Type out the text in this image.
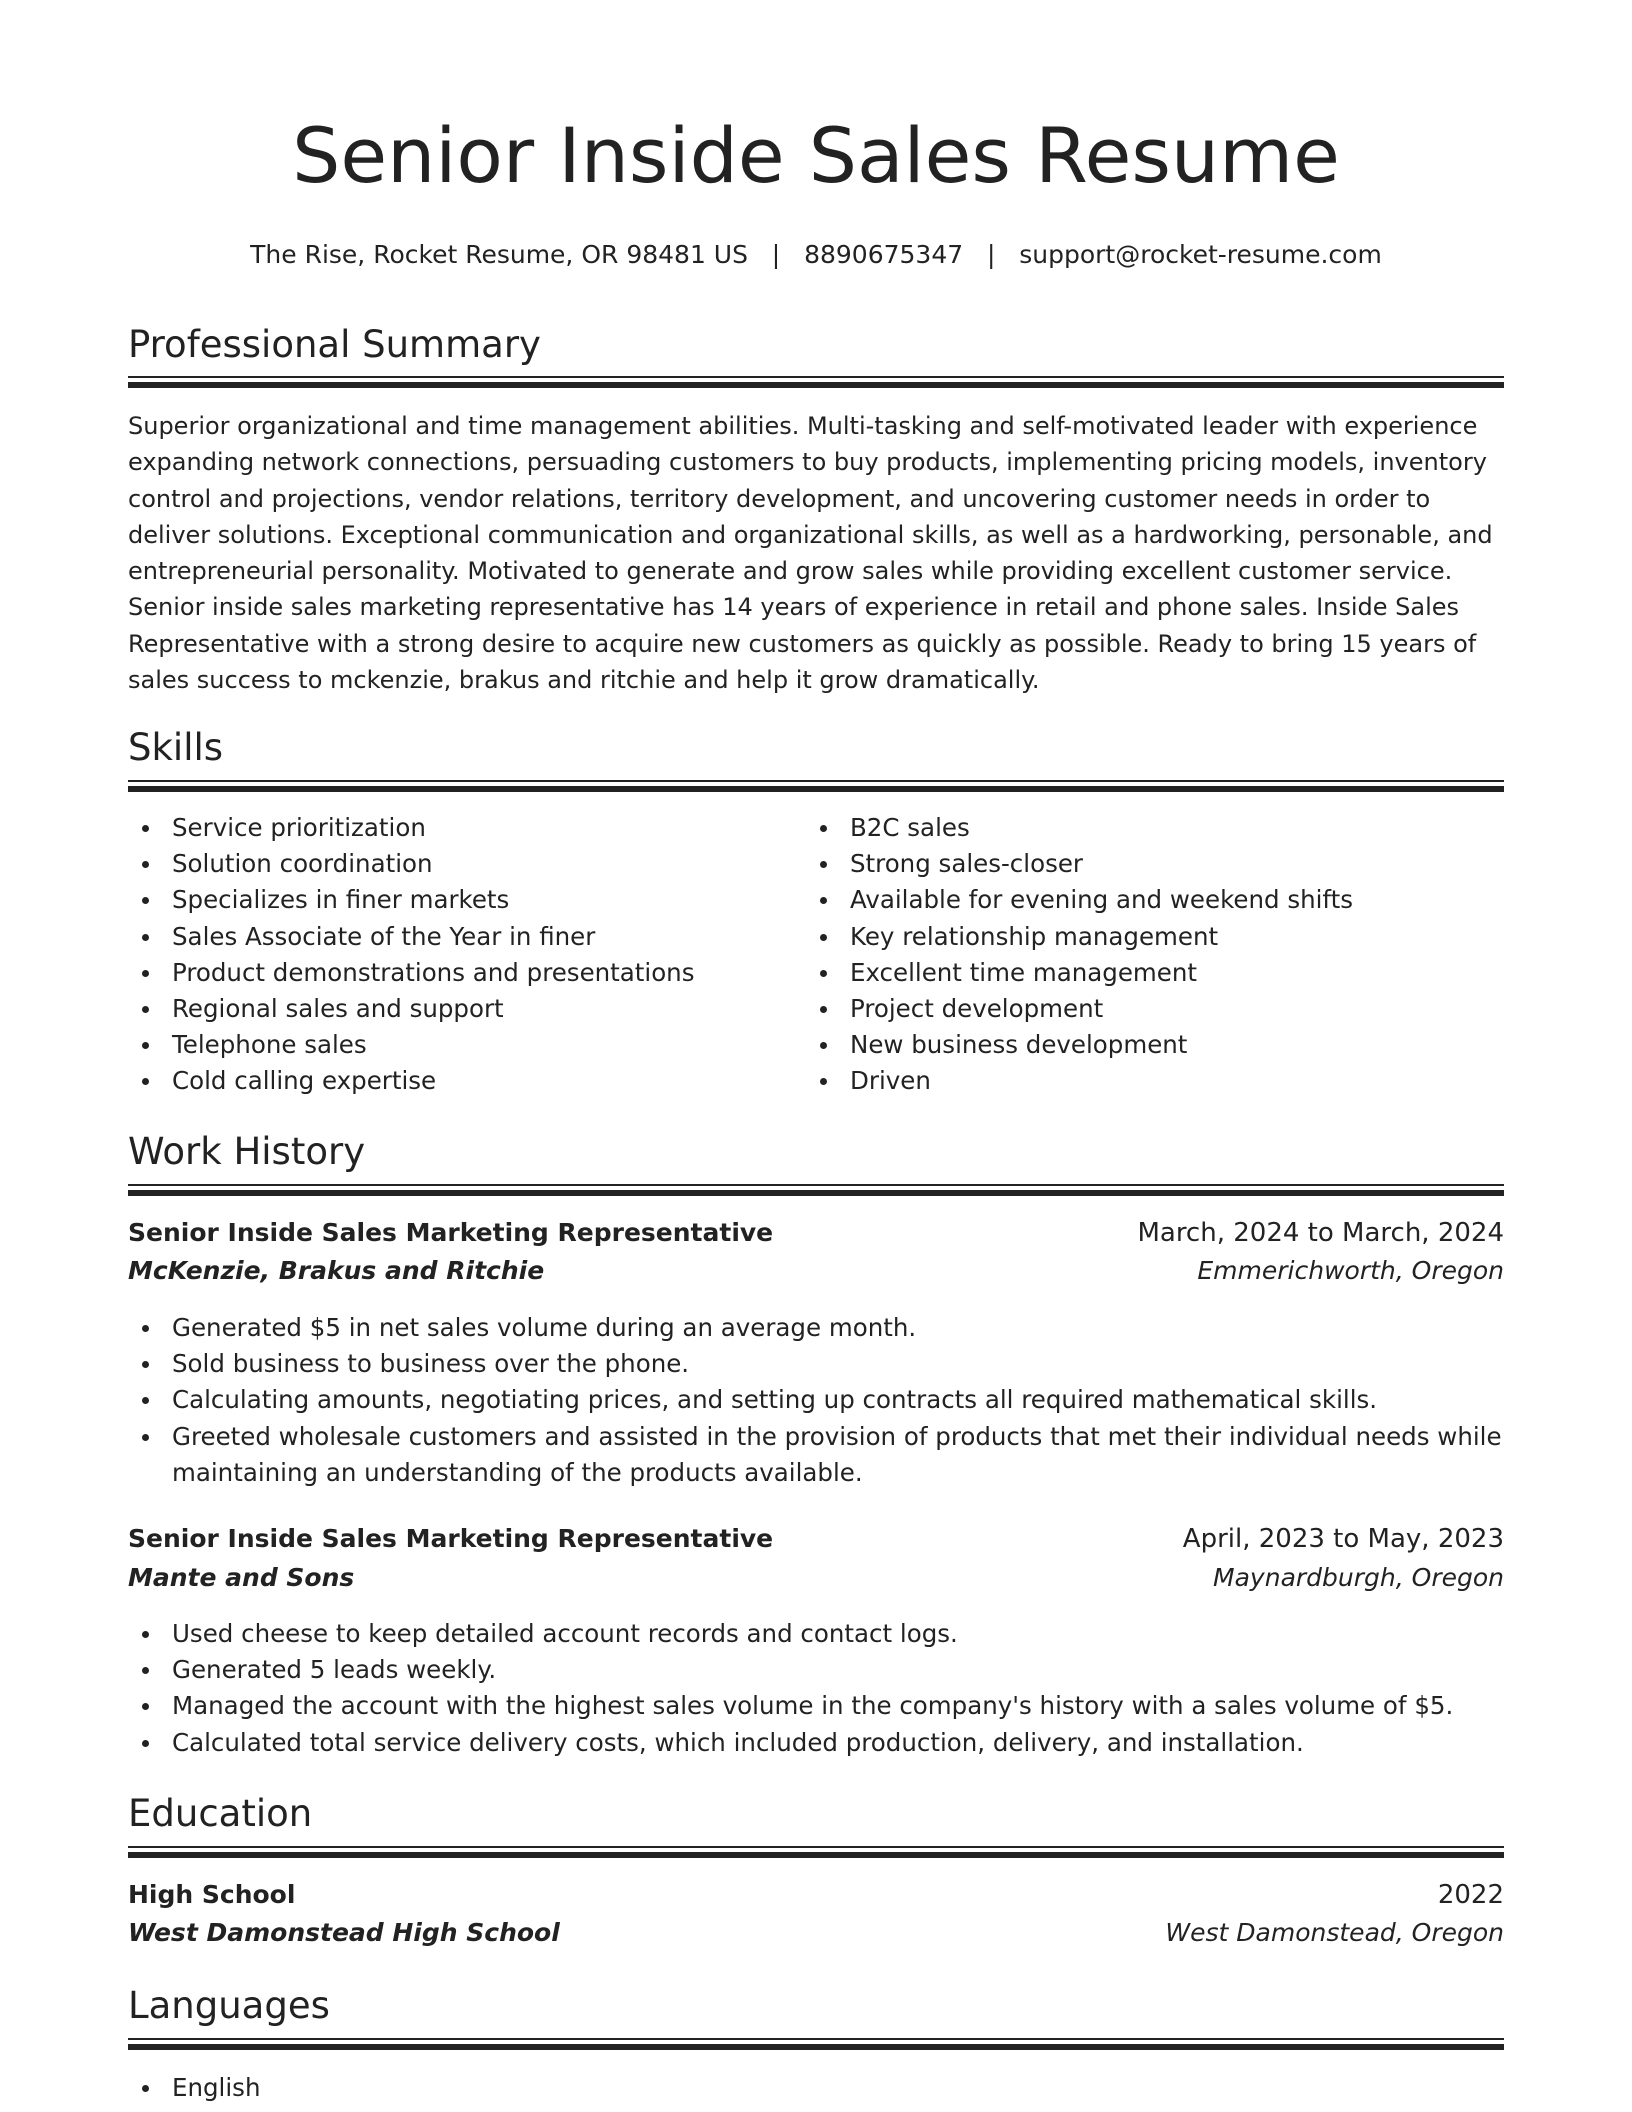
Senior Inside Sales Resume
The Rise, Rocket Resume, OR 98481 US   |   8890675347   |   support@rocket-resume.com
Professional Summary

Superior organizational and time management abilities. Multi-tasking and self-motivated leader with experience expanding network connections, persuading customers to buy products, implementing pricing models, inventory control and projections, vendor relations, territory development, and uncovering customer needs in order to deliver solutions. Exceptional communication and organizational skills, as well as a hardworking, personable, and entrepreneurial personality. Motivated to generate and grow sales while providing excellent customer service. Senior inside sales marketing representative has 14 years of experience in retail and phone sales. Inside Sales Representative with a strong desire to acquire new customers as quickly as possible. Ready to bring 15 years of sales success to mckenzie, brakus and ritchie and help it grow dramatically.

Skills
Service prioritization
Solution coordination
Specializes in finer markets
Sales Associate of the Year in finer
Product demonstrations and presentations
Regional sales and support
Telephone sales
Cold calling expertise
B2C sales
Strong sales-closer
Available for evening and weekend shifts
Key relationship management
Excellent time management
Project development
New business development
Driven
Work History
Senior Inside Sales Marketing Representative	March, 2024 to March, 2024
McKenzie, Brakus and Ritchie	Emmerichworth, Oregon
Generated $5 in net sales volume during an average month.
Sold business to business over the phone.
Calculating amounts, negotiating prices, and setting up contracts all required mathematical skills.
Greeted wholesale customers and assisted in the provision of products that met their individual needs while maintaining an understanding of the products available.
Senior Inside Sales Marketing Representative	April, 2023 to May, 2023
Mante and Sons	Maynardburgh, Oregon
Used cheese to keep detailed account records and contact logs.
Generated 5 leads weekly.
Managed the account with the highest sales volume in the company's history with a sales volume of $5.
Calculated total service delivery costs, which included production, delivery, and installation.
Education
High School	2022
West Damonstead High School	West Damonstead, Oregon
Languages
English
